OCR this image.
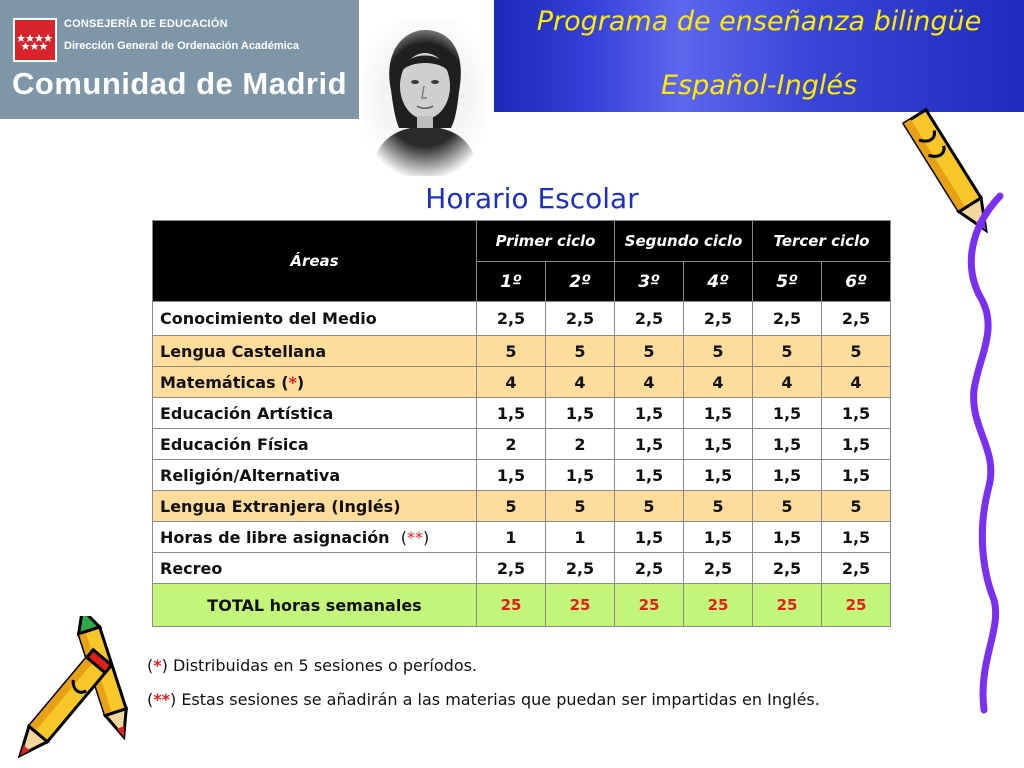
CONSEJERÍA DE EDUCACIÓN
Dirección General de Ordenación Académica
Comunidad de Madrid
Programa de enseñanza bilingüe
Español-Inglés
Horario Escolar
Áreas	Primer ciclo		Segundo ciclo		Tercer ciclo	
	1º	2º	3º	4º	5º	6º
Conocimiento del Medio	2,5	2,5	2,5	2,5	2,5	2,5
Lengua Castellana	5	5	5	5	5	5
Matemáticas (*)	4	4	4	4	4	4
Educación Artística	1,5	1,5	1,5	1,5	1,5	1,5
Educación Física	2	2	1,5	1,5	1,5	1,5
Religión/Alternativa	1,5	1,5	1,5	1,5	1,5	1,5
Lengua Extranjera (Inglés)	5	5	5	5	5	5
Horas de libre asignación (**)	1	1	1,5	1,5	1,5	1,5
Recreo	2,5	2,5	2,5	2,5	2,5	2,5
TOTAL horas semanales	25	25	25	25	25	25
(*) Distribuidas en 5 sesiones o períodos.
(**) Estas sesiones se añadirán a las materias que puedan ser impartidas en Inglés.
